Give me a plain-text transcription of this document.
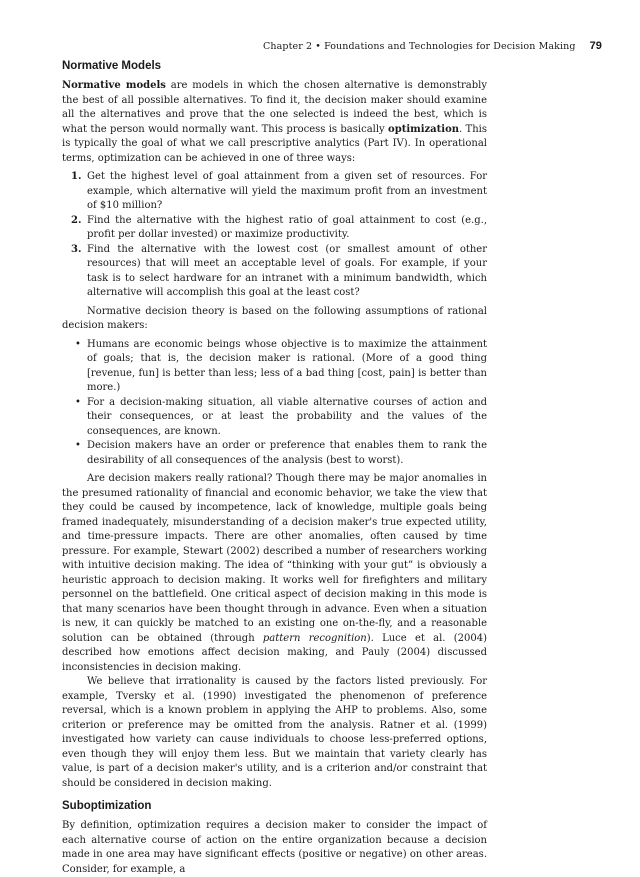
Chapter 2 • Foundations and Technologies for Decision Making 79
Normative Models

Normative models are models in which the chosen alternative is demonstrably the best of all possible alternatives. To find it, the decision maker should examine all the alternatives and prove that the one selected is indeed the best, which is what the person would normally want. This process is basically optimization. This is typically the goal of what we call prescriptive analytics (Part IV). In operational terms, optimization can be achieved in one of three ways:

1. Get the highest level of goal attainment from a given set of resources. For example, which alternative will yield the maximum profit from an investment of $10 million?
2. Find the alternative with the highest ratio of goal attainment to cost (e.g., profit per dollar invested) or maximize productivity.
3. Find the alternative with the lowest cost (or smallest amount of other resources) that will meet an acceptable level of goals. For example, if your task is to select hardware for an intranet with a minimum bandwidth, which alternative will accomplish this goal at the least cost?

Normative decision theory is based on the following assumptions of rational decision makers:

• Humans are economic beings whose objective is to maximize the attainment of goals; that is, the decision maker is rational. (More of a good thing [revenue, fun] is better than less; less of a bad thing [cost, pain] is better than more.)
• For a decision-making situation, all viable alternative courses of action and their consequences, or at least the probability and the values of the consequences, are known.
• Decision makers have an order or preference that enables them to rank the desirability of all consequences of the analysis (best to worst).

Are decision makers really rational? Though there may be major anomalies in the presumed rationality of financial and economic behavior, we take the view that they could be caused by incompetence, lack of knowledge, multiple goals being framed inadequately, misunderstanding of a decision maker's true expected utility, and time-pressure impacts. There are other anomalies, often caused by time pressure. For example, Stewart (2002) described a number of researchers working with intuitive decision making. The idea of “thinking with your gut” is obviously a heuristic approach to decision making. It works well for firefighters and military personnel on the battlefield. One critical aspect of decision making in this mode is that many scenarios have been thought through in advance. Even when a situation is new, it can quickly be matched to an existing one on-the-fly, and a reasonable solution can be obtained (through pattern recognition). Luce et al. (2004) described how emotions affect decision making, and Pauly (2004) discussed inconsistencies in decision making.

We believe that irrationality is caused by the factors listed previously. For example, Tversky et al. (1990) investigated the phenomenon of preference reversal, which is a known problem in applying the AHP to problems. Also, some criterion or preference may be omitted from the analysis. Ratner et al. (1999) investigated how variety can cause individuals to choose less-preferred options, even though they will enjoy them less. But we maintain that variety clearly has value, is part of a decision maker's utility, and is a criterion and/or constraint that should be considered in decision making.

Suboptimization

By definition, optimization requires a decision maker to consider the impact of each alternative course of action on the entire organization because a decision made in one area may have significant effects (positive or negative) on other areas. Consider, for example, a
